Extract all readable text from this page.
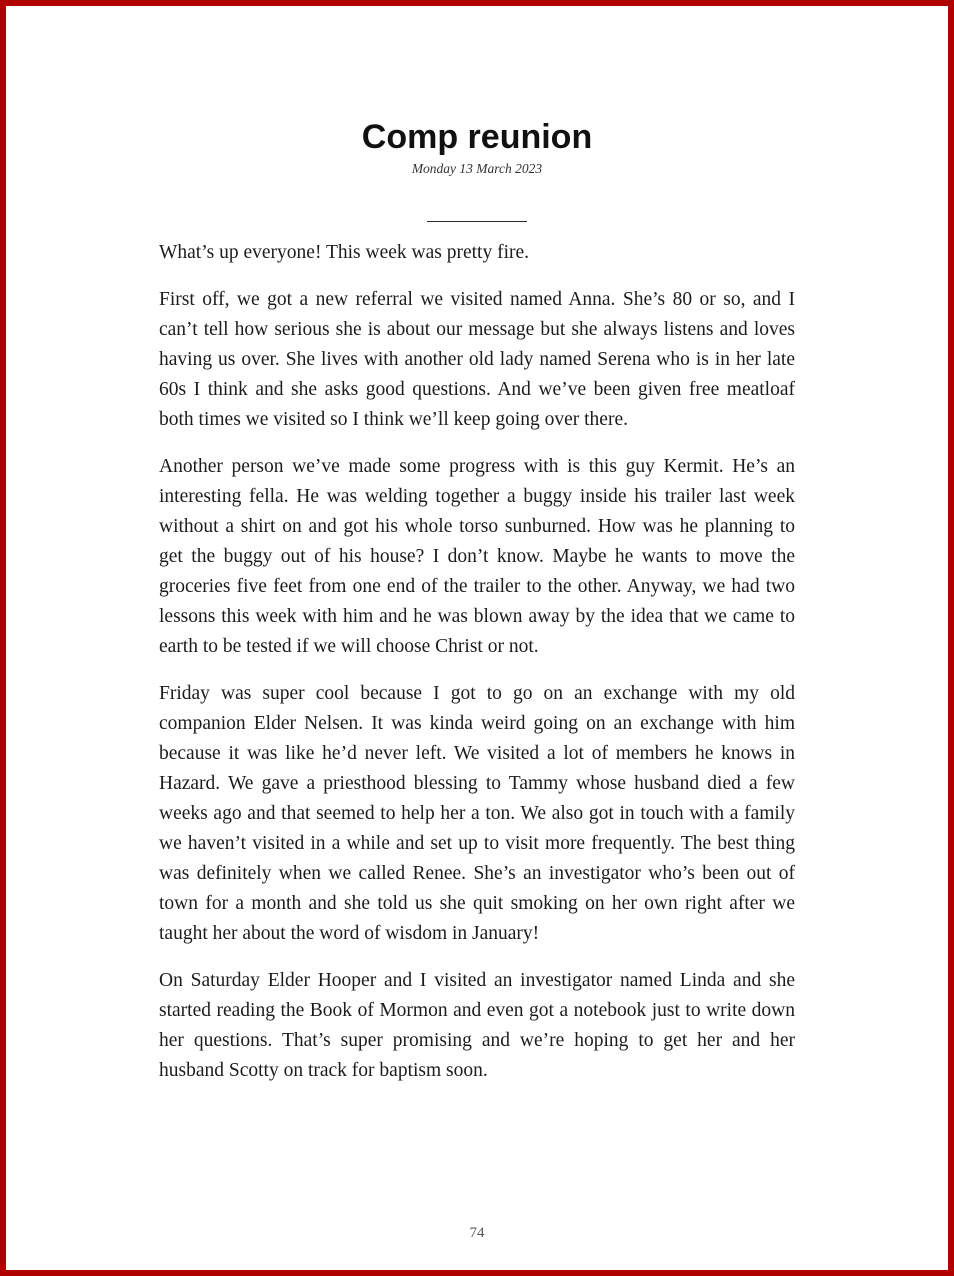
Comp reunion
Monday 13 March 2023

What’s up everyone! This week was pretty fire.

First off, we got a new referral we visited named Anna. She’s 80 or so, and I can’t tell how serious she is about our message but she always listens and loves having us over. She lives with another old lady named Serena who is in her late 60s I think and she asks good questions. And we’ve been given free meatloaf both times we visited so I think we’ll keep going over there.

Another person we’ve made some progress with is this guy Kermit. He’s an interesting fella. He was welding together a buggy inside his trailer last week without a shirt on and got his whole torso sunburned. How was he planning to get the buggy out of his house? I don’t know. Maybe he wants to move the groceries five feet from one end of the trailer to the other. Anyway, we had two lessons this week with him and he was blown away by the idea that we came to earth to be tested if we will choose Christ or not.

Friday was super cool because I got to go on an exchange with my old companion Elder Nelsen. It was kinda weird going on an exchange with him because it was like he’d never left. We visited a lot of members he knows in Hazard. We gave a priesthood blessing to Tammy whose husband died a few weeks ago and that seemed to help her a ton. We also got in touch with a family we haven’t visited in a while and set up to visit more frequently. The best thing was definitely when we called Renee. She’s an investigator who’s been out of town for a month and she told us she quit smoking on her own right after we taught her about the word of wisdom in January!

On Saturday Elder Hooper and I visited an investigator named Linda and she started reading the Book of Mormon and even got a notebook just to write down her questions. That’s super promising and we’re hoping to get her and her husband Scotty on track for baptism soon.

74
